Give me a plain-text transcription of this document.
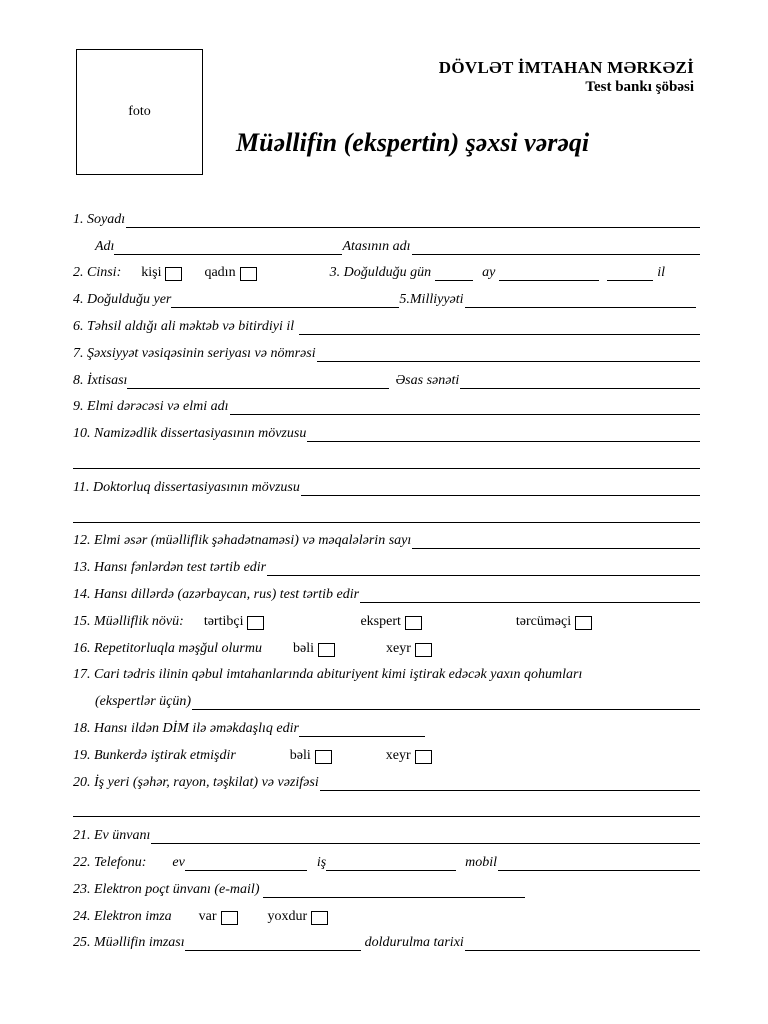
foto
DÖVLƏT İMTAHAN MƏRKƏZİ
Test bankı şöbəsi
Müəllifin (ekspertin) şəxsi vərəqi
1. Soyadı
Adı	Atasının adı
2. Cinsi: kişi	qadın	3. Doğulduğu gün	ay	il
4. Doğulduğu yer	5.Milliyyəti
6. Təhsil aldığı ali məktəb və bitirdiyi il
7. Şəxsiyyət vəsiqəsinin seriyası və nömrəsi
8. İxtisası	Əsas sənəti
9. Elmi dərəcəsi və elmi adı
10. Namizədlik dissertasiyasının mövzusu
11. Doktorluq dissertasiyasının mövzusu
12. Elmi əsər (müəlliflik şəhadətnaməsi) və məqalələrin sayı
13. Hansı fənlərdən test tərtib edir
14. Hansı dillərdə (azərbaycan, rus) test tərtib edir
15. Müəlliflik növü: tərtibçi	ekspert	tərcüməçi
16. Repetitorluqla məşğul olurmu bəli	xeyr
17. Cari tədris ilinin qəbul imtahanlarında abituriyent kimi iştirak edəcək yaxın qohumları
(ekspertlər üçün)
18. Hansı ildən DİM ilə əməkdaşlıq edir
19. Bunkerdə iştirak etmişdir	bəli	xeyr
20. İş yeri (şəhər, rayon, təşkilat) və vəzifəsi
21. Ev ünvanı
22. Telefonu: ev	iş	mobil
23. Elektron poçt ünvanı (e-mail)
24. Elektron imza var	yoxdur
25. Müəllifin imzası	doldurulma tarixi
